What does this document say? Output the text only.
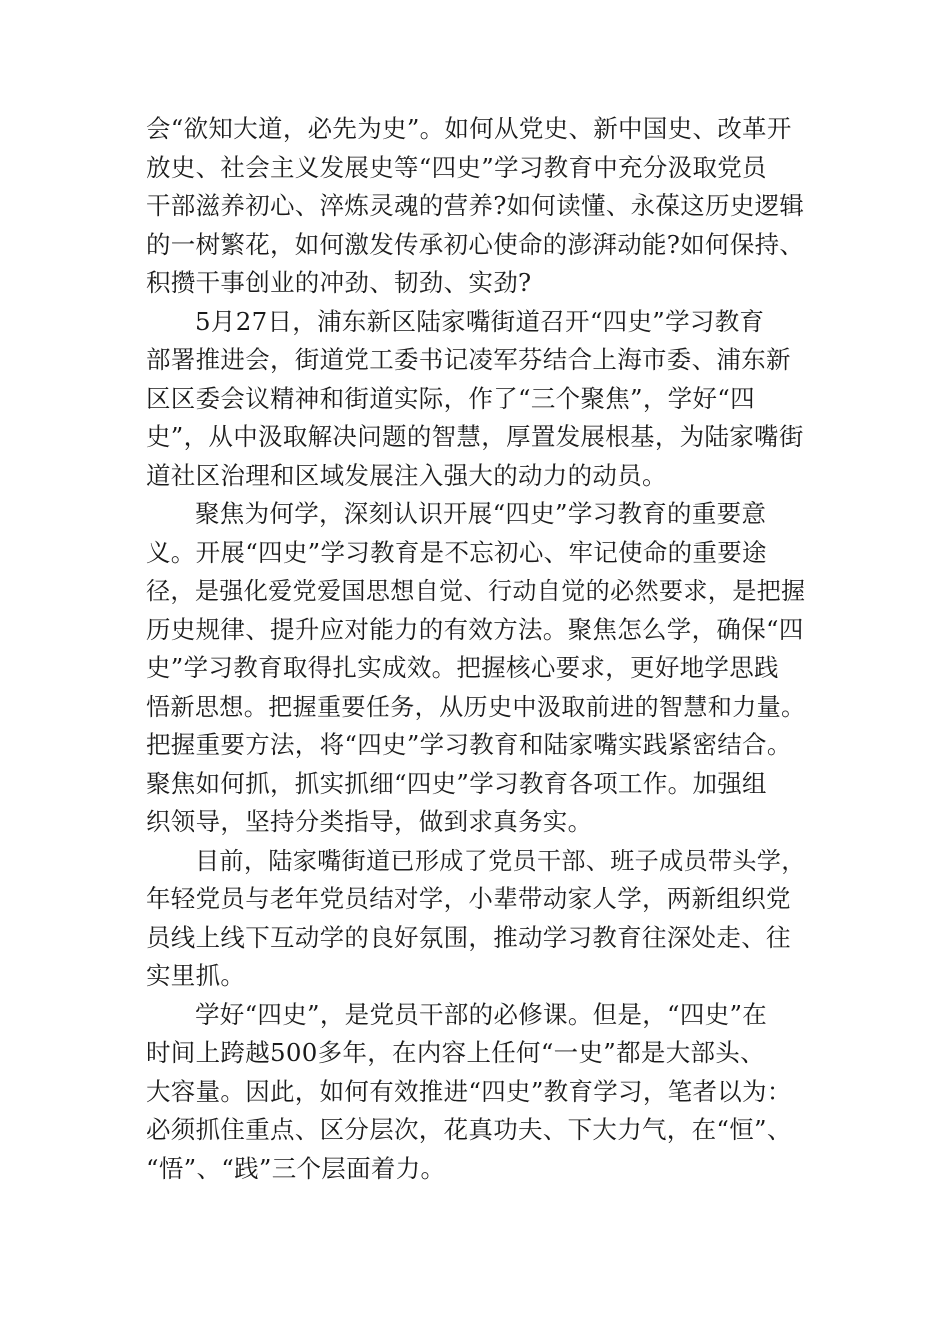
会“欲知大道，必先为史”。如何从党史、新中国史、改革开
放史、社会主义发展史等“四史”学习教育中充分汲取党员
干部滋养初心、淬炼灵魂的营养?如何读懂、永葆这历史逻辑
的一树繁花，如何激发传承初心使命的澎湃动能?如何保持、
积攒干事创业的冲劲、韧劲、实劲?

5月27日，浦东新区陆家嘴街道召开“四史”学习教育
部署推进会，街道党工委书记凌军芬结合上海市委、浦东新
区区委会议精神和街道实际，作了“三个聚焦”，学好“四
史”，从中汲取解决问题的智慧，厚置发展根基，为陆家嘴街
道社区治理和区域发展注入强大的动力的动员。

聚焦为何学，深刻认识开展“四史”学习教育的重要意
义。开展“四史”学习教育是不忘初心、牢记使命的重要途
径，是强化爱党爱国思想自觉、行动自觉的必然要求，是把握
历史规律、提升应对能力的有效方法。聚焦怎么学，确保“四
史”学习教育取得扎实成效。把握核心要求，更好地学思践
悟新思想。把握重要任务，从历史中汲取前进的智慧和力量。
把握重要方法，将“四史”学习教育和陆家嘴实践紧密结合。
聚焦如何抓，抓实抓细“四史”学习教育各项工作。加强组
织领导，坚持分类指导，做到求真务实。

目前，陆家嘴街道已形成了党员干部、班子成员带头学，
年轻党员与老年党员结对学，小辈带动家人学，两新组织党
员线上线下互动学的良好氛围，推动学习教育往深处走、往
实里抓。

学好“四史”，是党员干部的必修课。但是，“四史”在
时间上跨越500多年，在内容上任何“一史”都是大部头、
大容量。因此，如何有效推进“四史”教育学习，笔者以为：
必须抓住重点、区分层次，花真功夫、下大力气，在“恒”、
“悟”、“践”三个层面着力。
